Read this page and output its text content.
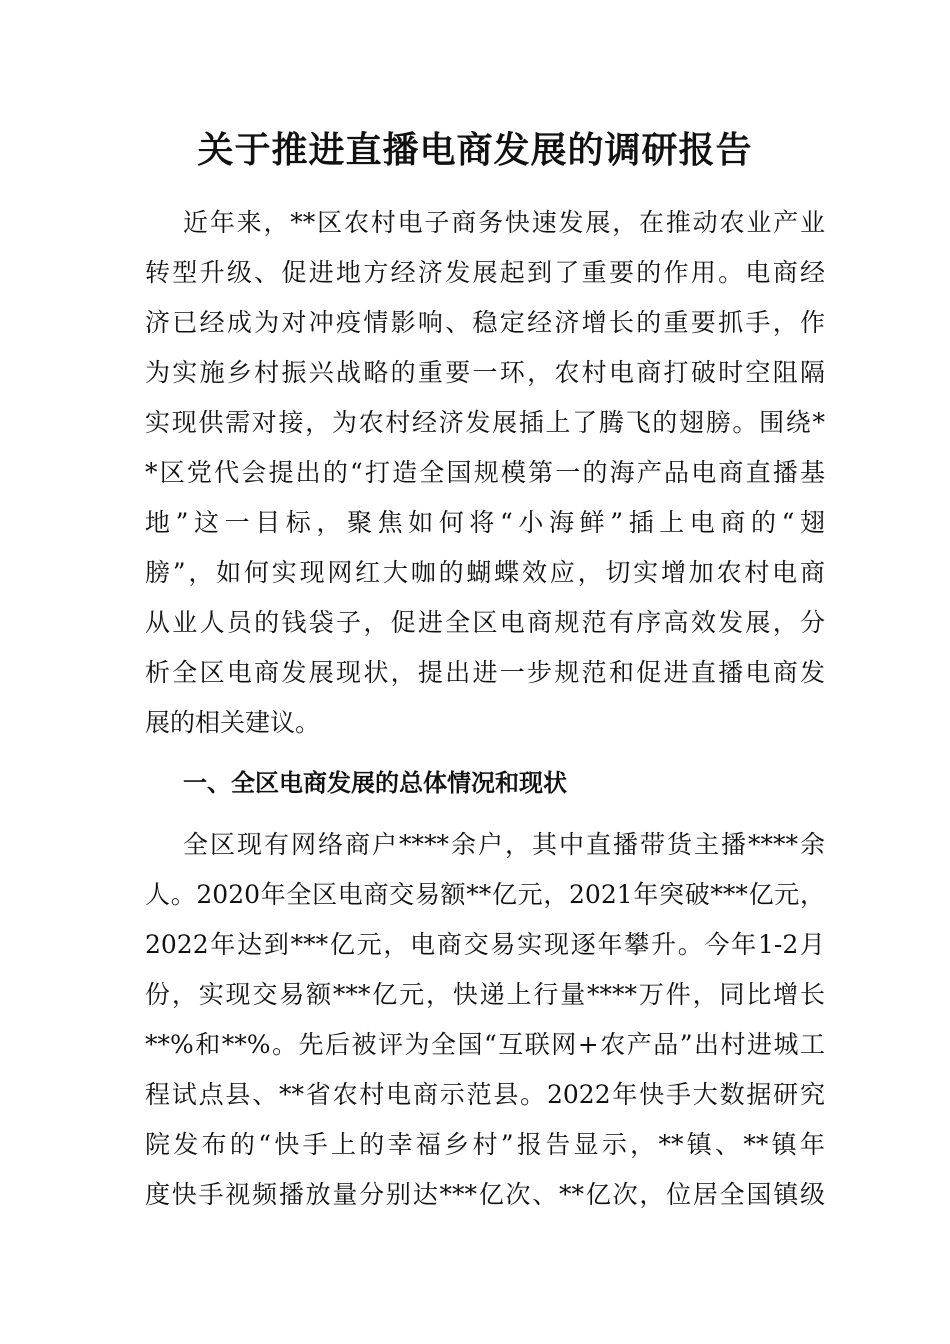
关于推进直播电商发展的调研报告
近年来，**区农村电子商务快速发展，在推动农业产业
转型升级、促进地方经济发展起到了重要的作用。电商经
济已经成为对冲疫情影响、稳定经济增长的重要抓手，作
为实施乡村振兴战略的重要一环，农村电商打破时空阻隔
实现供需对接，为农村经济发展插上了腾飞的翅膀。围绕*
*区党代会提出的“打造全国规模第一的海产品电商直播基
地”这一目标，聚焦如何将“小海鲜”插上电商的“翅
膀”，如何实现网红大咖的蝴蝶效应，切实增加农村电商
从业人员的钱袋子，促进全区电商规范有序高效发展，分
析全区电商发展现状，提出进一步规范和促进直播电商发
展的相关建议。
一、全区电商发展的总体情况和现状
全区现有网络商户****余户，其中直播带货主播****余
人。2020年全区电商交易额**亿元，2021年突破***亿元，
2022年达到***亿元，电商交易实现逐年攀升。今年1-2月
份，实现交易额***亿元，快递上行量****万件，同比增长
**%和**%。先后被评为全国“互联网+农产品”出村进城工
程试点县、**省农村电商示范县。2022年快手大数据研究
院发布的“快手上的幸福乡村”报告显示，**镇、**镇年
度快手视频播放量分别达***亿次、**亿次，位居全国镇级
